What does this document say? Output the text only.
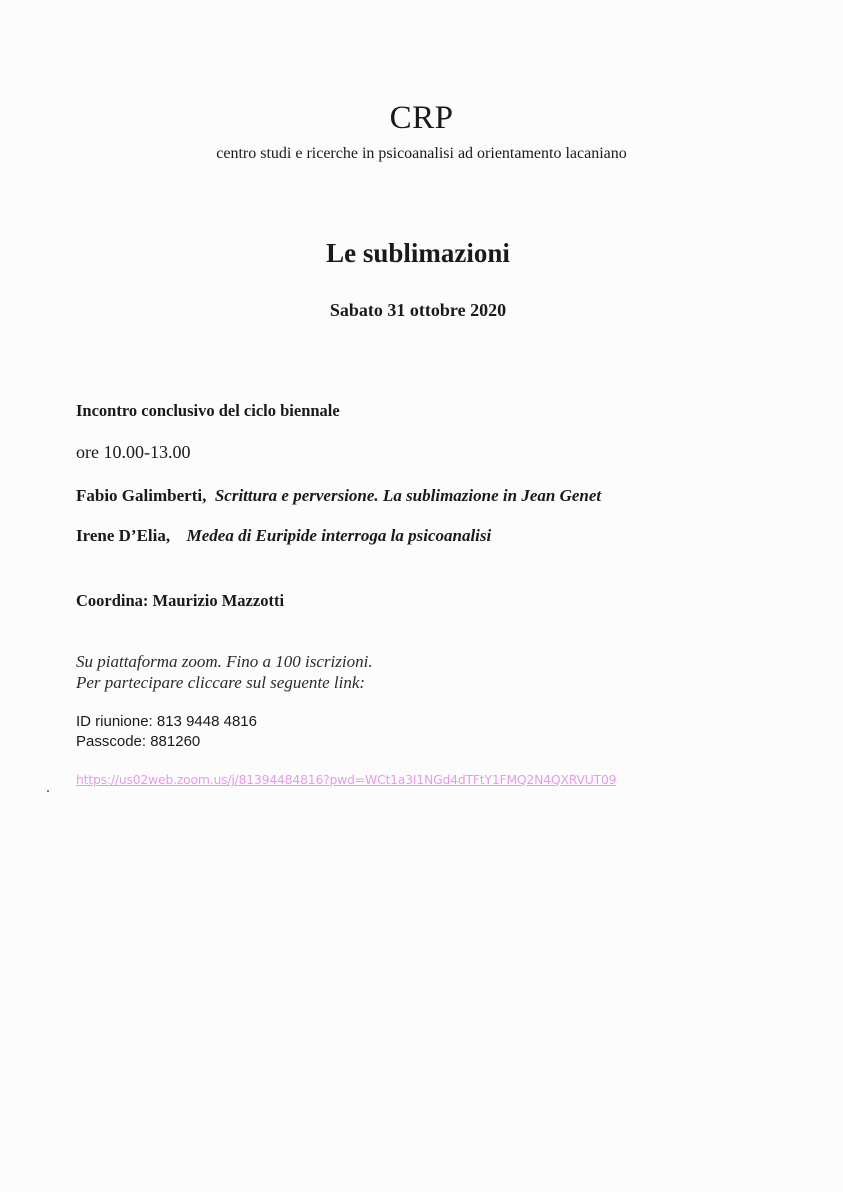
CRP

centro studi e ricerche in psicoanalisi ad orientamento lacaniano

Le sublimazioni

Sabato 31 ottobre 2020

Incontro conclusivo del ciclo biennale

ore 10.00-13.00

Fabio Galimberti, Scrittura e perversione. La sublimazione in Jean Genet

Irene D’Elia, Medea di Euripide interroga la psicoanalisi

Coordina: Maurizio Mazzotti

Su piattaforma zoom. Fino a 100 iscrizioni.

Per partecipare cliccare sul seguente link:

ID riunione: 813 9448 4816

Passcode: 881260

https://us02web.zoom.us/j/81394484816?pwd=WCt1a3I1NGd4dTFtY1FMQ2N4QXRVUT09
